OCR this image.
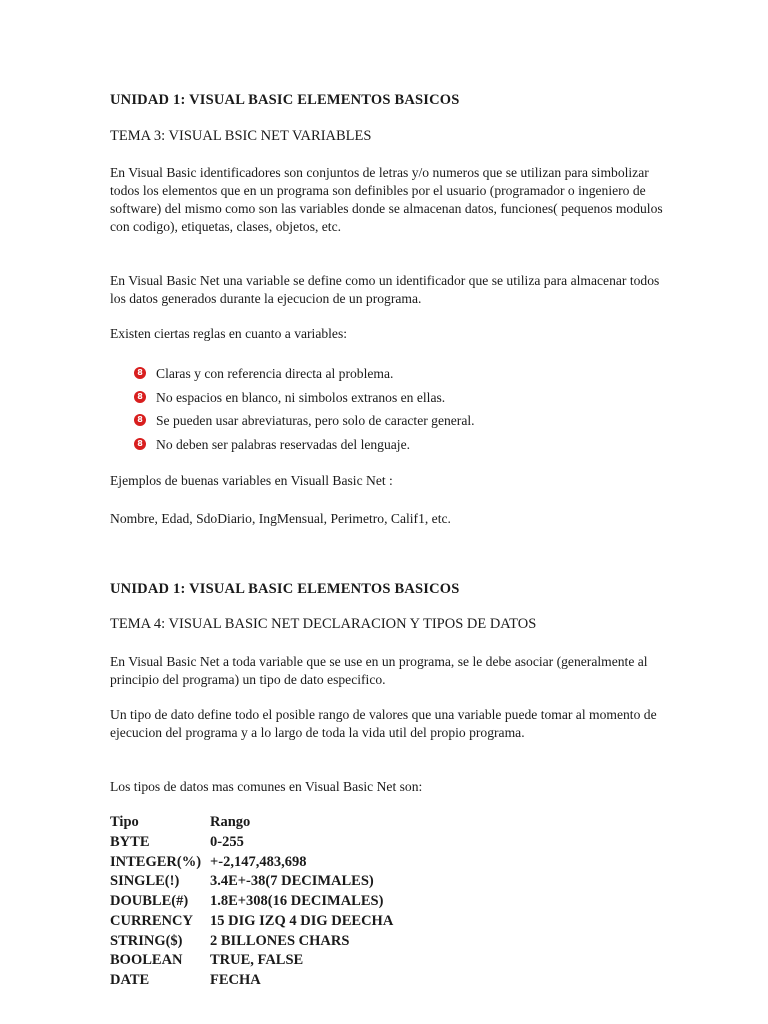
UNIDAD 1: VISUAL BASIC ELEMENTOS BASICOS
TEMA 3: VISUAL BSIC NET VARIABLES
En Visual Basic identificadores son conjuntos de letras y/o numeros que se utilizan para simbolizar todos los elementos que en un programa son definibles por el usuario (programador o ingeniero de software) del mismo como son las variables donde se almacenan datos, funciones( pequenos modulos con codigo), etiquetas, clases, objetos, etc.
En Visual Basic Net una variable se define como un identificador que se utiliza para almacenar todos los datos generados durante la ejecucion de un programa.
Existen ciertas reglas en cuanto a variables:
8 Claras y con referencia directa al problema.
8 No espacios en blanco, ni simbolos extranos en ellas.
8 Se pueden usar abreviaturas, pero solo de caracter general.
8 No deben ser palabras reservadas del lenguaje.
Ejemplos de buenas variables en Visuall Basic Net :
Nombre, Edad, SdoDiario, IngMensual, Perimetro, Calif1, etc.
UNIDAD 1: VISUAL BASIC ELEMENTOS BASICOS
TEMA 4: VISUAL BASIC NET DECLARACION Y TIPOS DE DATOS
En Visual Basic Net a toda variable que se use en un programa, se le debe asociar (generalmente al principio del programa) un tipo de dato especifico.
Un tipo de dato define todo el posible rango de valores que una variable puede tomar al momento de ejecucion del programa y a lo largo de toda la vida util del propio programa.
Los tipos de datos mas comunes en Visual Basic Net son:
Tipo	Rango
BYTE	0-255
INTEGER(%) +-2,147,483,698
SINGLE(!) 3.4E+-38(7 DECIMALES)
DOUBLE(#) 1.8E+308(16 DECIMALES)
CURRENCY 15 DIG IZQ 4 DIG DEECHA
STRING($) 2 BILLONES CHARS
BOOLEAN TRUE, FALSE
DATE	FECHA
